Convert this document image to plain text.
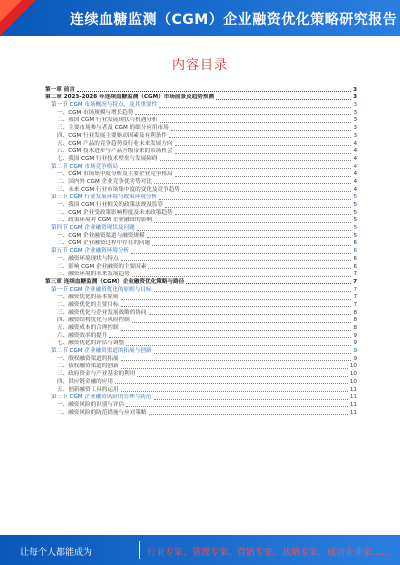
连续血糖监测（CGM）企业融资优化策略研究报告
内容目录
第一章 前言	3
第二章 2023-2028 年连续血糖监测（CGM）市场前景及趋势预测	3
第一节 CGM 市场概况与特点，及其重要性	3
一、CGM 市场规模与增长趋势	3
二、我国 CGM 行业发展现状与机遇分析	3
三、主要市场参与者及 CGM 的细分应用市场	3
四、CGM 行业发展主要驱动因素及有利条件	3
五、CGM 产品的竞争趋势及行业未来发展方向	4
六、CGM 技术进步与产品升级带来的市场机会	4
七、我国 CGM 行业技术壁垒与发展障碍	4
第二节 CGM 市场竞争格局	4
一、CGM 市场集中度分析及主要企业竞争格局	4
二、国内外 CGM 企业竞争优劣势对比	4
三、未来 CGM 行业市场集中度的变化及竞争趋势	4
第三节 CGM 行业发展环境与政策环境分析	5
一、我国 CGM 行业相关的政策法规及监管	5
二、CGM 企业受政策影响程度及未来政策趋势	5
三、政策环境对 CGM 企业融资的影响	5
第四节 CGM 企业融资现状及问题	5
一、CGM 企业融资渠道与融资规模	5
二、CGM 企业融资过程中存在的问题	6
第五节 CGM 企业融资环境分析	6
一、融资环境现状与特点	6
二、影响 CGM 企业融资的主要因素	6
三、融资环境的未来发展趋势	7
第三章 连续血糖监测（CGM）企业融资优化策略与路径	7
第一节 CGM 企业融资优化的原则与目标	7
一、融资优化的基本原则	7
二、融资优化的主要目标	7
三、融资优化与企业发展战略的协同	8
四、融资结构优化与风险控制	8
五、融资成本的合理控制	8
六、融资效率的提升	9
七、融资优化的评估与调整	9
第二节 CGM 企业融资渠道的拓展与创新	9
一、股权融资渠道的拓展	9
二、债权融资渠道的创新	10
三、政府资金与产业基金的利用	10
四、供应链金融的应用	10
五、创新融资工具的运用	11
第三节 CGM 企业融资风险的管理与防范	11
一、融资风险的识别与评估	11
二、融资风险的防范措施与应对策略	11
让每个人都能成为	行业专家、管理专家、营销专家、战略专家、成功企业家……
